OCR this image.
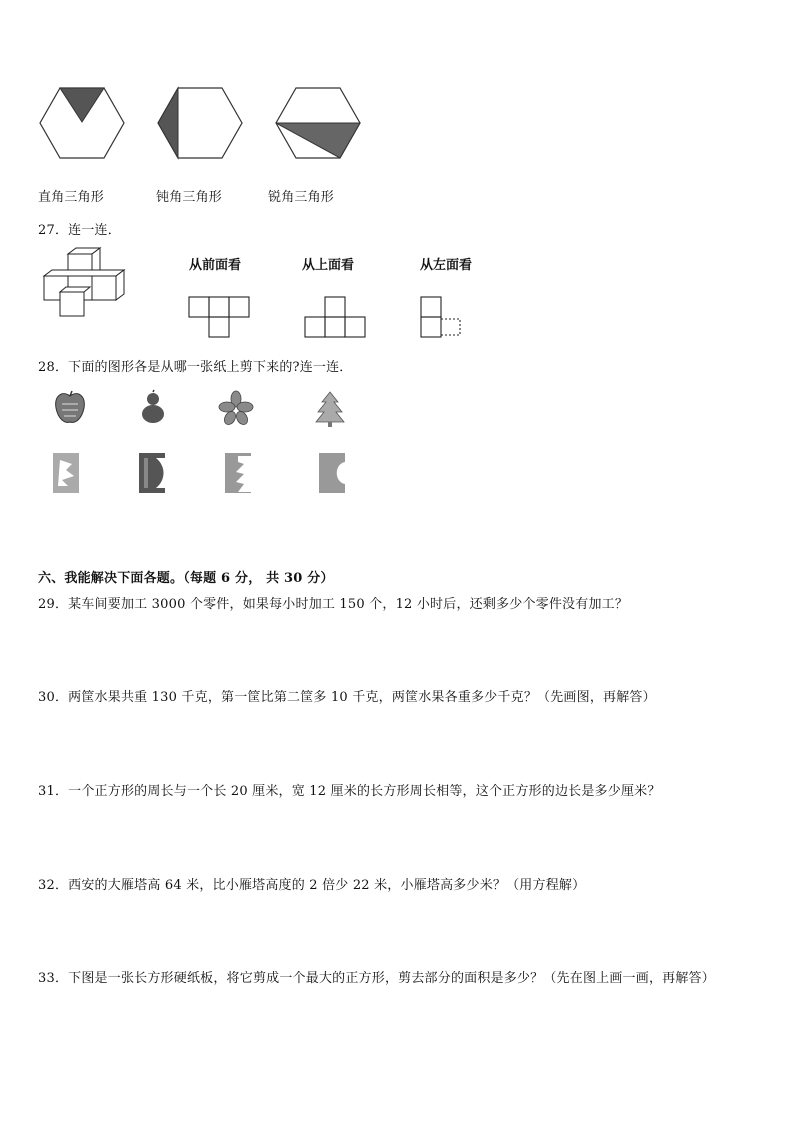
直角三角形	钝角三角形	锐角三角形
27．连一连．
从前面看	从上面看	从左面看
28．下面的图形各是从哪一张纸上剪下来的?连一连．
六、我能解决下面各题。（每题 6 分， 共 30 分）
29．某车间要加工 3000 个零件，如果每小时加工 150 个，12 小时后，还剩多少个零件没有加工？
30．两筐水果共重 130 千克，第一筐比第二筐多 10 千克，两筐水果各重多少千克？（先画图，再解答）
31．一个正方形的周长与一个长 20 厘米，宽 12 厘米的长方形周长相等，这个正方形的边长是多少厘米？
32．西安的大雁塔高 64 米，比小雁塔高度的 2 倍少 22 米，小雁塔高多少米？（用方程解）
33．下图是一张长方形硬纸板，将它剪成一个最大的正方形，剪去部分的面积是多少？（先在图上画一画，再解答）
